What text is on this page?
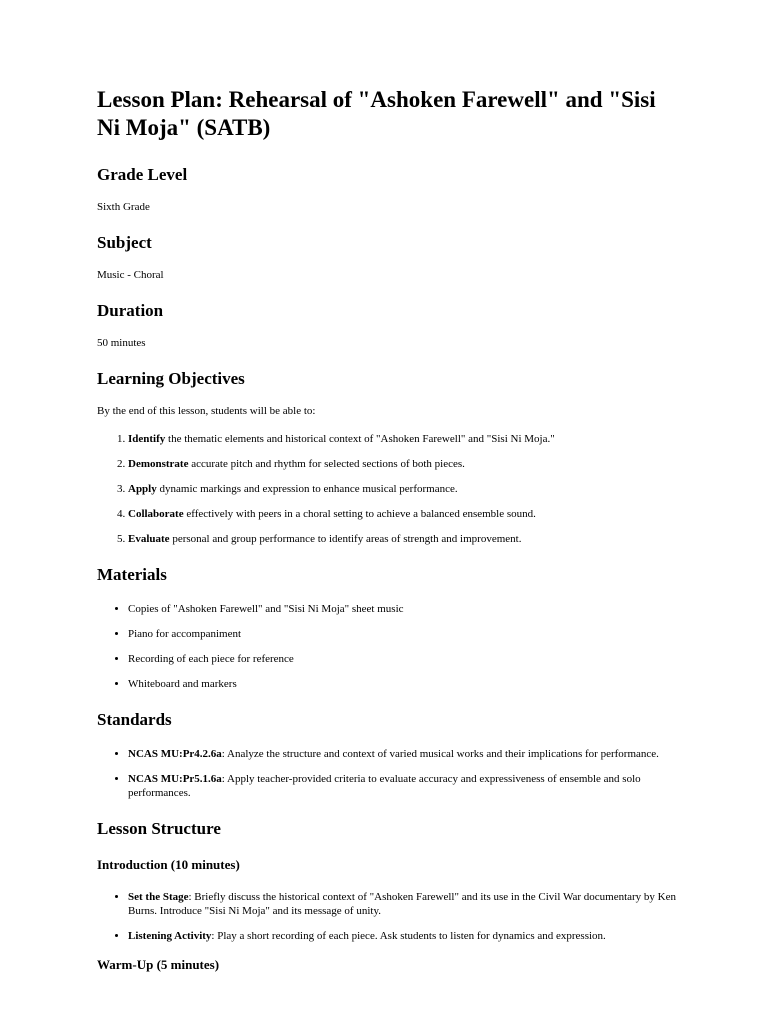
Lesson Plan: Rehearsal of "Ashoken Farewell" and "Sisi Ni Moja" (SATB)
Grade Level

Sixth Grade

Subject

Music - Choral

Duration

50 minutes

Learning Objectives

By the end of this lesson, students will be able to:

1. Identify the thematic elements and historical context of "Ashoken Farewell" and "Sisi Ni Moja."
2. Demonstrate accurate pitch and rhythm for selected sections of both pieces.
3. Apply dynamic markings and expression to enhance musical performance.
4. Collaborate effectively with peers in a choral setting to achieve a balanced ensemble sound.
5. Evaluate personal and group performance to identify areas of strength and improvement.
Materials
• Copies of "Ashoken Farewell" and "Sisi Ni Moja" sheet music
• Piano for accompaniment
• Recording of each piece for reference
• Whiteboard and markers
Standards
• NCAS MU:Pr4.2.6a: Analyze the structure and context of varied musical works and their implications for performance.
• NCAS MU:Pr5.1.6a: Apply teacher-provided criteria to evaluate accuracy and expressiveness of ensemble and solo performances.
Lesson Structure
Introduction (10 minutes)
• Set the Stage: Briefly discuss the historical context of "Ashoken Farewell" and its use in the Civil War documentary by Ken Burns. Introduce "Sisi Ni Moja" and its message of unity.
• Listening Activity: Play a short recording of each piece. Ask students to listen for dynamics and expression.
Warm-Up (5 minutes)
